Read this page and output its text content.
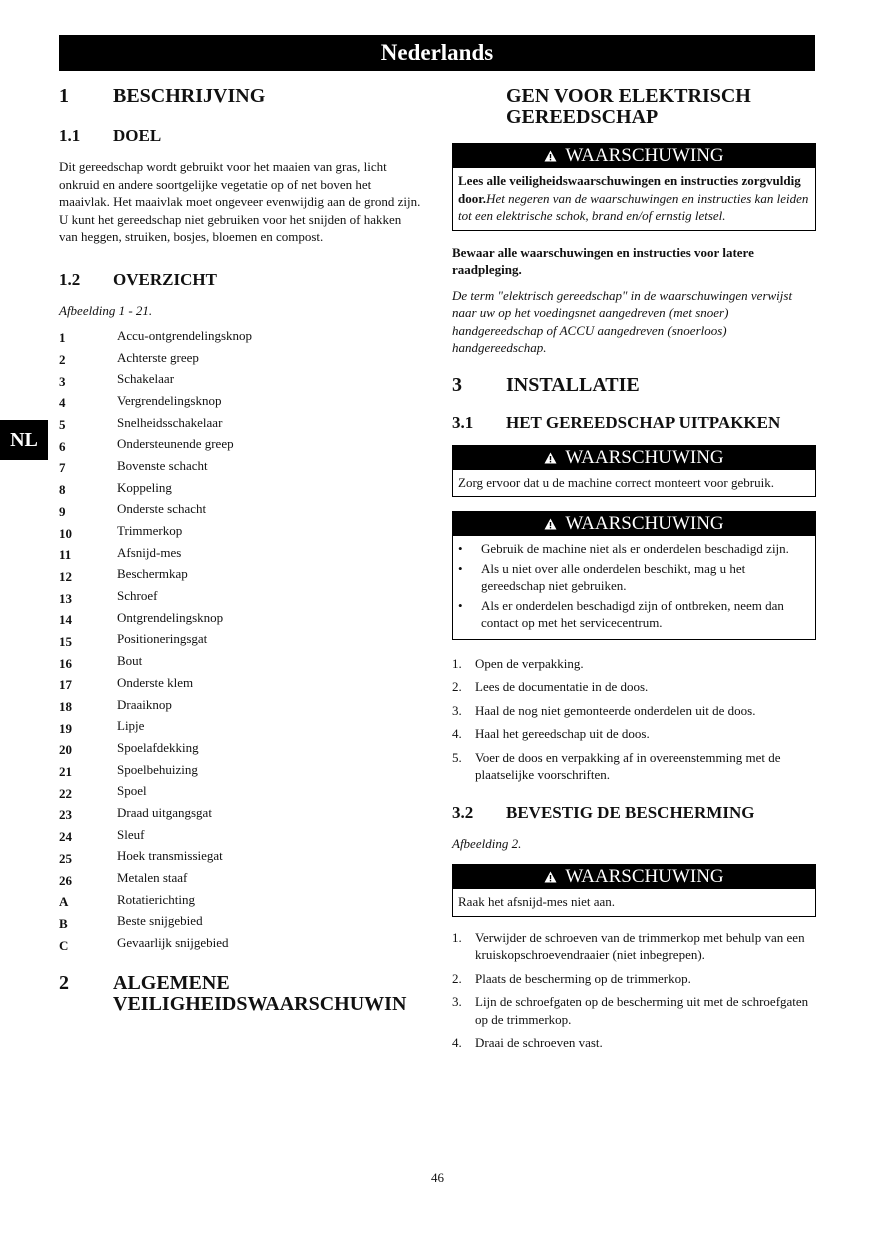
Nederlands
NL
1	BESCHRIJVING
1.1	DOEL

Dit gereedschap wordt gebruikt voor het maaien van gras, licht onkruid en andere soortgelijke vegetatie op of net boven het maaivlak. Het maaivlak moet ongeveer evenwijdig aan de grond zijn. U kunt het gereedschap niet gebruiken voor het snijden of hakken van heggen, struiken, bosjes, bloemen en compost.

1.2	OVERZICHT

Afbeelding 1 - 21.

1	Accu-ontgrendelingsknop
2	Achterste greep
3	Schakelaar
4	Vergrendelingsknop
5	Snelheidsschakelaar
6	Ondersteunende greep
7	Bovenste schacht
8	Koppeling
9	Onderste schacht
10	Trimmerkop
11	Afsnijd-mes
12	Beschermkap
13	Schroef
14	Ontgrendelingsknop
15	Positioneringsgat
16	Bout
17	Onderste klem
18	Draaiknop
19	Lipje
20	Spoelafdekking
21	Spoelbehuizing
22	Spoel
23	Draad uitgangsgat
24	Sleuf
25	Hoek transmissiegat
26	Metalen staaf
A	Rotatierichting
B	Beste snijgebied
C	Gevaarlijk snijgebied
2	ALGEMENE
VEILIGHEIDSWAARSCHUWIN
GEN VOOR ELEKTRISCH
GEREEDSCHAP
WAARSCHUWING
Lees alle veiligheidswaarschuwingen en instructies zorgvuldig door.Het negeren van de waarschuwingen en instructies kan leiden tot een elektrische schok, brand en/of ernstig letsel.

Bewaar alle waarschuwingen en instructies voor latere raadpleging.

De term "elektrisch gereedschap" in de waarschuwingen verwijst naar uw op het voedingsnet aangedreven (met snoer) handgereedschap of ACCU aangedreven (snoerloos) handgereedschap.

3	INSTALLATIE
3.1	HET GEREEDSCHAP UITPAKKEN
WAARSCHUWING
Zorg ervoor dat u de machine correct monteert voor gebruik.
WAARSCHUWING
•	Gebruik de machine niet als er onderdelen beschadigd zijn.
•	Als u niet over alle onderdelen beschikt, mag u het gereedschap niet gebruiken.
•	Als er onderdelen beschadigd zijn of ontbreken, neem dan contact op met het servicecentrum.
1.	Open de verpakking.
2.	Lees de documentatie in de doos.
3.	Haal de nog niet gemonteerde onderdelen uit de doos.
4.	Haal het gereedschap uit de doos.
5.	Voer de doos en verpakking af in overeenstemming met de plaatselijke voorschriften.
3.2	BEVESTIG DE BESCHERMING

Afbeelding 2.

WAARSCHUWING
Raak het afsnijd-mes niet aan.
1.	Verwijder de schroeven van de trimmerkop met behulp van een kruiskopschroevendraaier (niet inbegrepen).
2.	Plaats de bescherming op de trimmerkop.
3.	Lijn de schroefgaten op de bescherming uit met de schroefgaten op de trimmerkop.
4.	Draai de schroeven vast.
46
